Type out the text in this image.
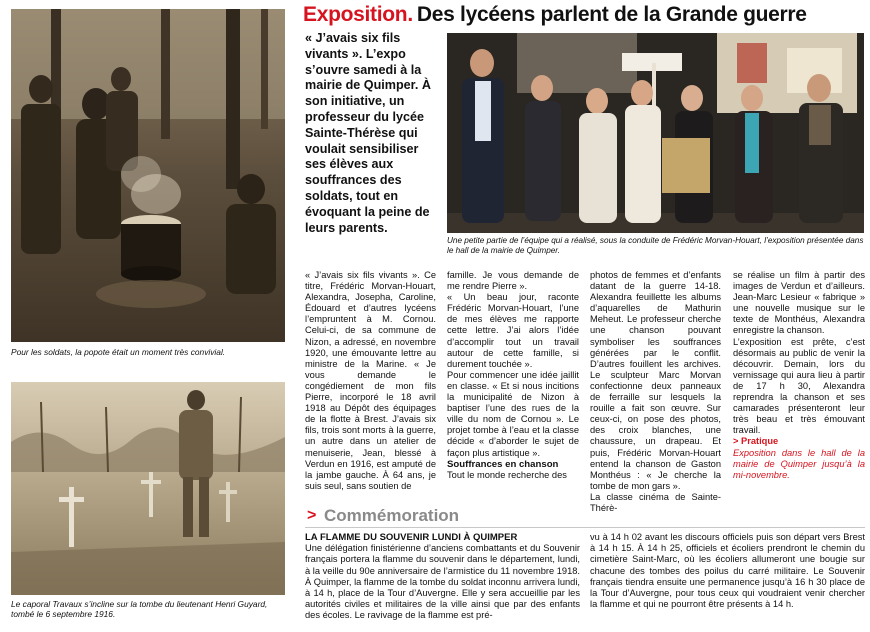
Pour les soldats, la popote était un moment très convivial.
Le caporal Travaux s’incline sur la tombe du lieutenant Henri Guyard, tombé le 6 septembre 1916.
Exposition. Des lycéens parlent de la Grande guerre
« J’avais six fils vivants ». L’expo s’ouvre samedi à la mairie de Quimper. À son initiative, un professeur du lycée Sainte-Thérèse qui voulait sensibiliser ses élèves aux souffrances des soldats, tout en évoquant la peine de leurs parents.
Une petite partie de l’équipe qui a réalisé, sous la conduite de Frédéric Morvan-Houart, l’exposition présentée dans le hall de la mairie de Quimper.

« J’avais six fils vivants ». Ce titre, Frédéric Morvan-Houart, Alexandra, Josepha, Caroline, Édouard et d’autres lycéens l’empruntent à M. Cornou. Celui-ci, de sa commune de Nizon, a adressé, en novembre 1920, une émouvante lettre au ministre de la Marine. « Je vous demande le congédiement de mon fils Pierre, incorporé le 18 avril 1918 au Dépôt des équipages de la flotte à Brest. J’avais six fils, trois sont morts à la guerre, un autre dans un atelier de menuiserie, Jean, blessé à Verdun en 1916, est amputé de la jambe gauche. À 64 ans, je suis seul, sans soutien de

famille. Je vous demande de me rendre Pierre ».

« Un beau jour, raconte Frédéric Morvan-Houart, l’une de mes élèves me rapporte cette lettre. J’ai alors l’idée d’accomplir tout un travail autour de cette famille, si durement touchée ».

Pour commencer une idée jaillit en classe. « Et si nous incitions la municipalité de Nizon à baptiser l’une des rues de la ville du nom de Cornou ». Le projet tombe à l’eau et la classe décide « d’aborder le sujet de façon plus artistique ».

Souffrances en chanson

Tout le monde recherche des

photos de femmes et d’enfants datant de la guerre 14-18. Alexandra feuillette les albums d’aquarelles de Mathurin Meheut. Le professeur cherche une chanson pouvant symboliser les souffrances générées par le conflit. D’autres fouillent les archives. Le sculpteur Marc Morvan confectionne deux panneaux de ferraille sur lesquels la rouille a fait son œuvre. Sur ceux-ci, on pose des photos, des croix blanches, une chaussure, un drapeau. Et puis, Frédéric Morvan-Houart entend la chanson de Gaston Monthéus : « Je cherche la tombe de mon gars ».

La classe cinéma de Sainte-Thérè-

se réalise un film à partir des images de Verdun et d’ailleurs. Jean-Marc Lesieur « fabrique » une nouvelle musique sur le texte de Monthéus, Alexandra enregistre la chanson.

L’exposition est prête, c’est désormais au public de venir la découvrir. Demain, lors du vernissage qui aura lieu à partir de 17 h 30, Alexandra reprendra la chanson et ses camarades présenteront leur très beau et très émouvant travail.

> Pratique

Exposition dans le hall de la mairie de Quimper jusqu’à la mi-novembre.

> Commémoration

LA FLAMME DU SOUVENIR LUNDI À QUIMPER

Une délégation finistérienne d’anciens combattants et du Souvenir français portera la flamme du souvenir dans le département, lundi, à la veille du 90e anniversaire de l’armistice du 11 novembre 1918. À Quimper, la flamme de la tombe du soldat inconnu arrivera lundi, à 14 h, place de la Tour d’Auvergne. Elle y sera accueillie par les autorités civiles et militaires de la ville ainsi que par des enfants des écoles. Le ravivage de la flamme est pré-

vu à 14 h 02 avant les discours officiels puis son départ vers Brest à 14 h 15. À 14 h 25, officiels et écoliers prendront le chemin du cimetière Saint-Marc, où les écoliers allumeront une bougie sur chacune des tombes des poilus du carré militaire. Le Souvenir français tiendra ensuite une permanence jusqu’à 16 h 30 place de la Tour d’Auvergne, pour tous ceux qui voudraient venir chercher la flamme et qui ne pourront être présents à 14 h.
